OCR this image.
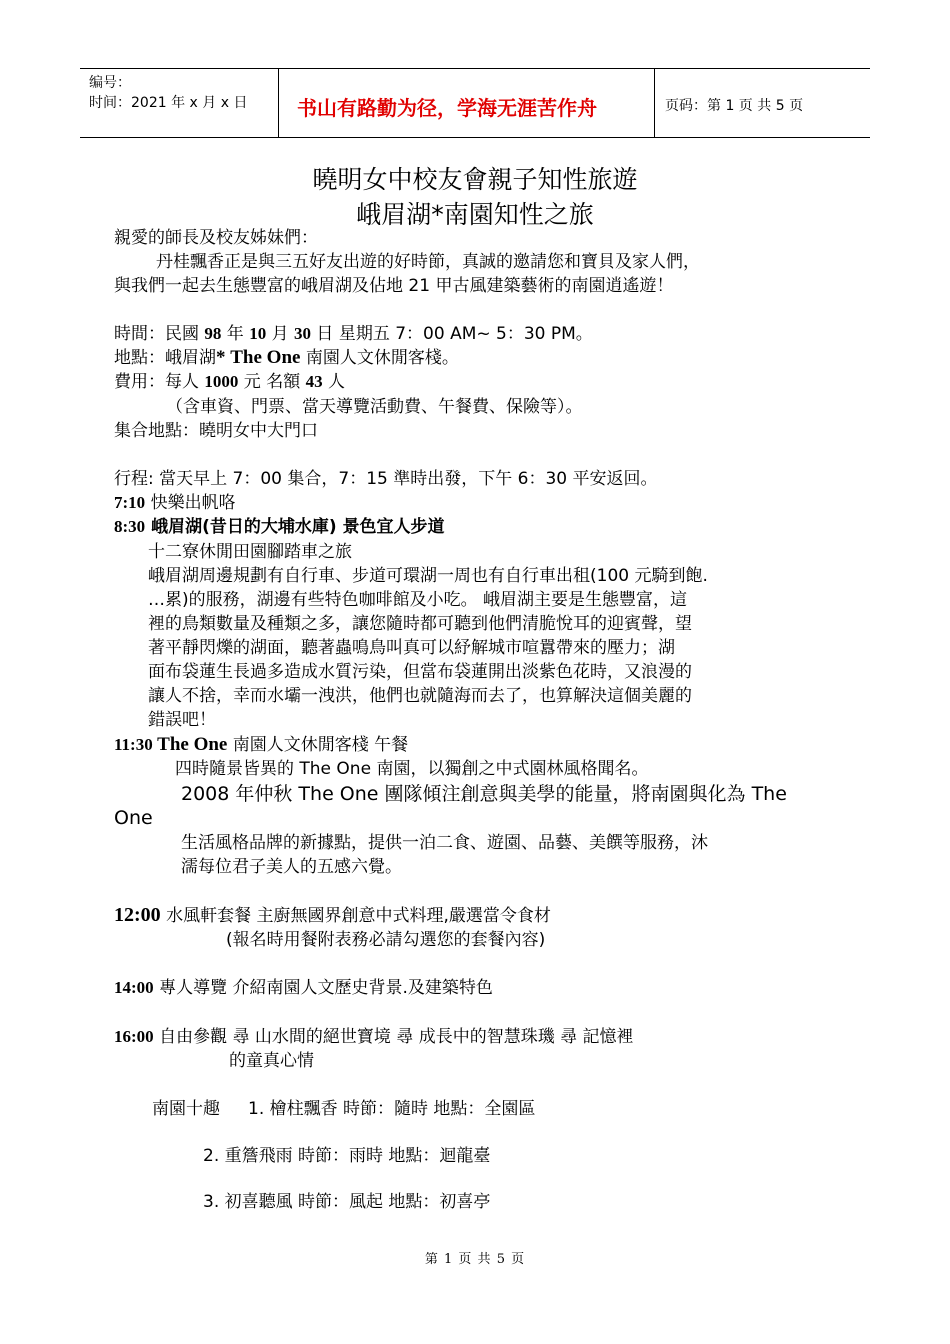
编号：
时间：2021 年 x 月 x 日 书山有路勤为径，学海无涯苦作舟	页码：第 1 页 共 5 页
曉明女中校友會親子知性旅遊
峨眉湖*南園知性之旅
親愛的師長及校友姊妹們：
丹桂飄香正是與三五好友出遊的好時節，真誠的邀請您和寶貝及家人們，
與我們一起去生態豐富的峨眉湖及佔地 21 甲古風建築藝術的南園逍遙遊！
時間：民國 98 年 10 月 30 日 星期五 7：00 AM~ 5：30 PM。
地點：峨眉湖* The One 南園人文休閒客棧。
費用：每人 1000 元 名額 43 人
（含車資、門票、當天導覽活動費、午餐費、保險等）。
集合地點：曉明女中大門口
行程: 當天早上 7：00 集合，7：15 準時出發，下午 6：30 平安返回。
7:10 快樂出帆咯
8:30 峨眉湖(昔日的大埔水庫) 景色宜人步道
十二寮休閒田園腳踏車之旅
峨眉湖周邊規劃有自行車、步道可環湖一周也有自行車出租(100 元騎到飽.
…累)的服務，湖邊有些特色咖啡館及小吃。 峨眉湖主要是生態豐富，這
裡的鳥類數量及種類之多，讓您隨時都可聽到他們清脆悅耳的迎賓聲，望
著平靜閃爍的湖面，聽著蟲鳴鳥叫真可以紓解城市喧囂帶來的壓力；湖
面布袋蓮生長過多造成水質污染，但當布袋蓮開出淡紫色花時，又浪漫的
讓人不捨，幸而水壩一洩洪，他們也就隨海而去了，也算解決這個美麗的
錯誤吧！
11:30 The One 南園人文休閒客棧 午餐
四時隨景皆異的 The One 南園，以獨創之中式園林風格聞名。
2008 年仲秋 The One 團隊傾注創意與美學的能量，將南園與化為 The
One
生活風格品牌的新據點，提供一泊二食、遊園、品藝、美饌等服務，沐
濡每位君子美人的五感六覺。
12:00 水風軒套餐 主廚無國界創意中式料理,嚴選當令食材
(報名時用餐附表務必請勾選您的套餐內容)
14:00 專人導覽 介紹南園人文歷史背景.及建築特色
16:00 自由參觀 尋 山水間的絕世寶境 尋 成長中的智慧珠璣 尋 記憶裡
的童真心情
南園十趣 1. 檜柱飄香 時節：隨時 地點：全園區
2. 重簷飛雨 時節：雨時 地點：迴龍臺
3. 初喜聽風 時節：風起 地點：初喜亭
第 1 页 共 5 页
